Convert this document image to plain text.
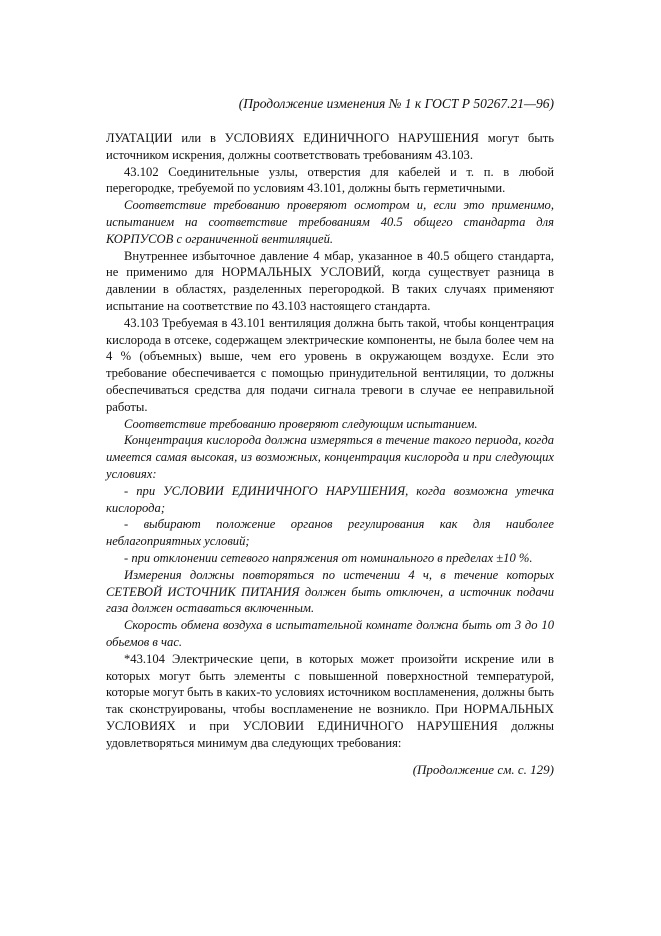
(Продолжение изменения № 1 к ГОСТ Р 50267.21—96)

ЛУАТАЦИИ или в УСЛОВИЯХ ЕДИНИЧНОГО НАРУШЕНИЯ могут быть источником искрения, должны соответствовать требованиям 43.103.

43.102 Соединительные узлы, отверстия для кабелей и т. п. в любой перегородке, требуемой по условиям 43.101, должны быть герметичными.

Соответствие требованию проверяют осмотром и, если это применимо, испытанием на соответствие требованиям 40.5 общего стандарта для КОРПУСОВ с ограниченной вентиляцией.

Внутреннее избыточное давление 4 мбар, указанное в 40.5 общего стандарта, не применимо для НОРМАЛЬНЫХ УСЛОВИЙ, когда существует разница в давлении в областях, разделенных перегородкой. В таких случаях применяют испытание на соответствие по 43.103 настоящего стандарта.

43.103 Требуемая в 43.101 вентиляция должна быть такой, чтобы концентрация кислорода в отсеке, содержащем электрические компоненты, не была более чем на 4 % (объемных) выше, чем его уровень в окружающем воздухе. Если это требование обеспечивается с помощью принудительной вентиляции, то должны обеспечиваться средства для подачи сигнала тревоги в случае ее неправильной работы.

Соответствие требованию проверяют следующим испытанием.

Концентрация кислорода должна измеряться в течение такого периода, когда имеется самая высокая, из возможных, концентрация кислорода и при следующих условиях:

- при УСЛОВИИ ЕДИНИЧНОГО НАРУШЕНИЯ, когда возможна утечка кислорода;

- выбирают положение органов регулирования как для наиболее неблагоприятных условий;

- при отклонении сетевого напряжения от номинального в пределах ±10 %.

Измерения должны повторяться по истечении 4 ч, в течение которых СЕТЕВОЙ ИСТОЧНИК ПИТАНИЯ должен быть отключен, а источник подачи газа должен оставаться включенным.

Скорость обмена воздуха в испытательной комнате должна быть от 3 до 10 обьемов в час.

*43.104 Электрические цепи, в которых может произойти искрение или в которых могут быть элементы с повышенной поверхностной температурой, которые могут быть в каких-то условиях источником воспламенения, должны быть так сконструированы, чтобы воспламенение не возникло. При НОРМАЛЬНЫХ УСЛОВИЯХ и при УСЛОВИИ ЕДИНИЧНОГО НАРУШЕНИЯ должны удовлетворяться минимум два следующих требования:

(Продолжение см. с. 129)
